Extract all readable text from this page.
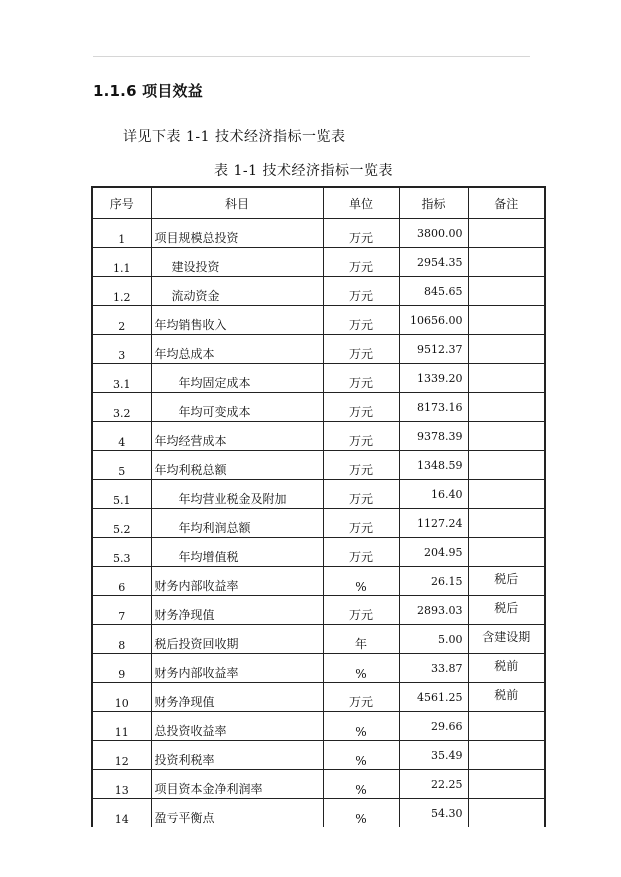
1.1.6 项目效益
详见下表 1-1 技术经济指标一览表
表 1-1 技术经济指标一览表
序号	科目	单位	指标	备注
1	项目规模总投资	万元	3800.00	
1.1	建设投资	万元	2954.35	
1.2	流动资金	万元	845.65	
2	年均销售收入	万元	10656.00	
3	年均总成本	万元	9512.37	
3.1	年均固定成本	万元	1339.20	
3.2	年均可变成本	万元	8173.16	
4	年均经营成本	万元	9378.39	
5	年均利税总额	万元	1348.59	
5.1	年均营业税金及附加	万元	16.40	
5.2	年均利润总额	万元	1127.24	
5.3	年均增值税	万元	204.95	
6	财务内部收益率	%	26.15	税后
7	财务净现值	万元	2893.03	税后
8	税后投资回收期	年	5.00	含建设期
9	财务内部收益率	%	33.87	税前
10	财务净现值	万元	4561.25	税前
11	总投资收益率	%	29.66	
12	投资利税率	%	35.49	
13	项目资本金净利润率	%	22.25	
14	盈亏平衡点	%	54.30	
